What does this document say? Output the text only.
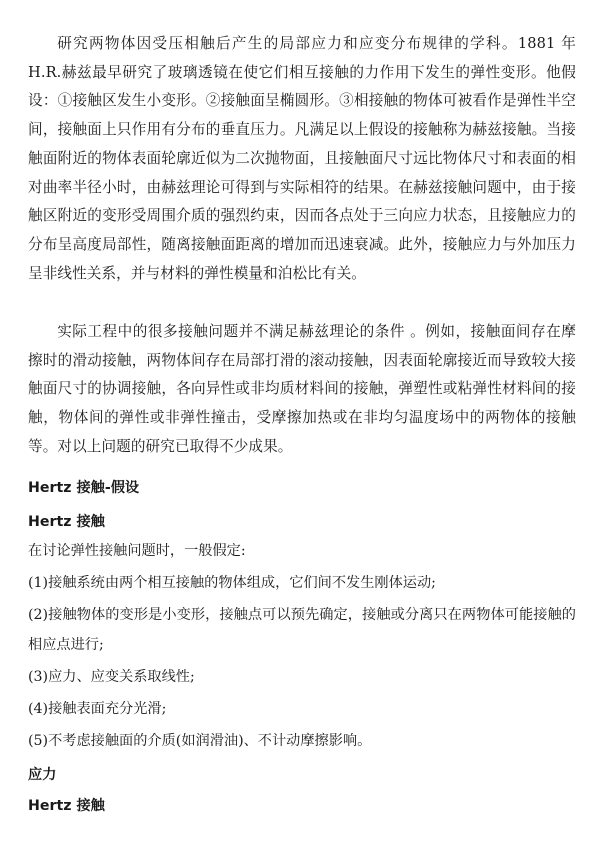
研究两物体因受压相触后产生的局部应力和应变分布规律的学科。1881 年 H.R.赫兹最早研究了玻璃透镜在使它们相互接触的力作用下发生的弹性变形。他假设：①接触区发生小变形。②接触面呈椭圆形。③相接触的物体可被看作是弹性半空间，接触面上只作用有分布的垂直压力。凡满足以上假设的接触称为赫兹接触。当接触面附近的物体表面轮廓近似为二次抛物面，且接触面尺寸远比物体尺寸和表面的相对曲率半径小时，由赫兹理论可得到与实际相符的结果。在赫兹接触问题中，由于接触区附近的变形受周围介质的强烈约束，因而各点处于三向应力状态，且接触应力的分布呈高度局部性，随离接触面距离的增加而迅速衰减。此外，接触应力与外加压力呈非线性关系，并与材料的弹性模量和泊松比有关。

实际工程中的很多接触问题并不满足赫兹理论的条件 。例如，接触面间存在摩擦时的滑动接触，两物体间存在局部打滑的滚动接触，因表面轮廓接近而导致较大接触面尺寸的协调接触，各向异性或非均质材料间的接触，弹塑性或粘弹性材料间的接触，物体间的弹性或非弹性撞击，受摩擦加热或在非均匀温度场中的两物体的接触等。对以上问题的研究已取得不少成果。

Hertz 接触-假设

Hertz 接触

在讨论弹性接触问题时，一般假定:

(1)接触系统由两个相互接触的物体组成，它们间不发生刚体运动;

(2)接触物体的变形是小变形，接触点可以预先确定，接触或分离只在两物体可能接触的相应点进行;

(3)应力、应变关系取线性;

(4)接触表面充分光滑;

(5)不考虑接触面的介质(如润滑油)、不计动摩擦影响。

应力

Hertz 接触
